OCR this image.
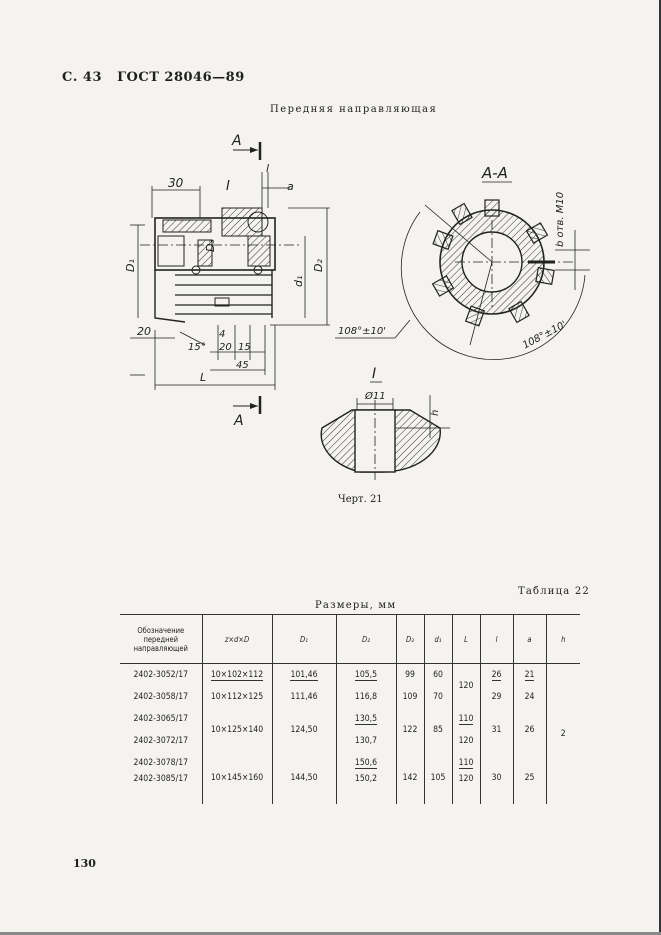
С. 43 ГОСТ 28046—89
Передняя направляющая
А
30	I
l
a
D₁
D₃
d₁
D₂
20
15°
4
20 15
45
L
А
А-А
108°±10'	108°±10'
b отв. М10
I
Ø11
h
Черт. 21
Таблица 22
Размеры, мм
Обозначение передней направляющей	z×d×D	D₁	D₂	D₃	d₁	L	l	a	h
2402-3052/17	10×102×112	101,46	105,5	99	60	120	26	21	2
2402-3058/17	10×112×125	111,46	116,8	109	70		29	24	
2402-3065/17	10×125×140	124,50	130,5	122	85	110	31	26	
2402-3072/17			130,7			120			
2402-3078/17	10×145×160	144,50	150,6	142	105	110	30	25	
2402-3085/17			150,2			120			
130
